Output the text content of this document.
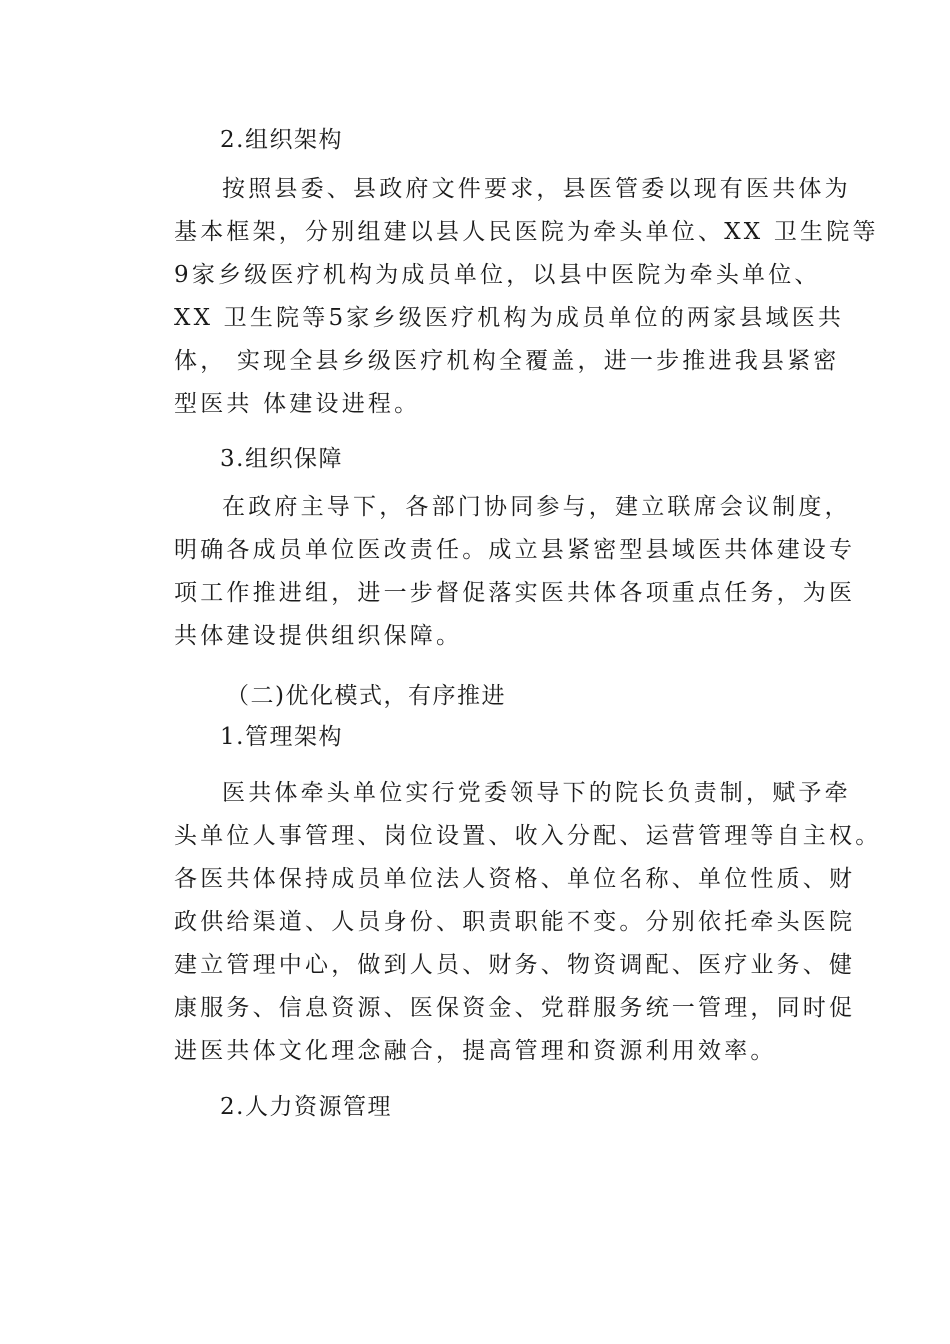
2.组织架构
按照县委、县政府文件要求，县医管委以现有医共体为
基本框架，分别组建以县人民医院为牵头单位、XX 卫生院等
9家乡级医疗机构为成员单位，以县中医院为牵头单位、
XX 卫生院等5家乡级医疗机构为成员单位的两家县域医共
体， 实现全县乡级医疗机构全覆盖，进一步推进我县紧密
型医共 体建设进程。
3.组织保障
在政府主导下，各部门协同参与，建立联席会议制度，
明确各成员单位医改责任。成立县紧密型县域医共体建设专
项工作推进组，进一步督促落实医共体各项重点任务，为医
共体建设提供组织保障。
（二)优化模式，有序推进
1.管理架构
医共体牵头单位实行党委领导下的院长负责制，赋予牵
头单位人事管理、岗位设置、收入分配、运营管理等自主权。
各医共体保持成员单位法人资格、单位名称、单位性质、财
政供给渠道、人员身份、职责职能不变。分别依托牵头医院
建立管理中心，做到人员、财务、物资调配、医疗业务、健
康服务、信息资源、医保资金、党群服务统一管理，同时促
进医共体文化理念融合，提高管理和资源利用效率。
2.人力资源管理
